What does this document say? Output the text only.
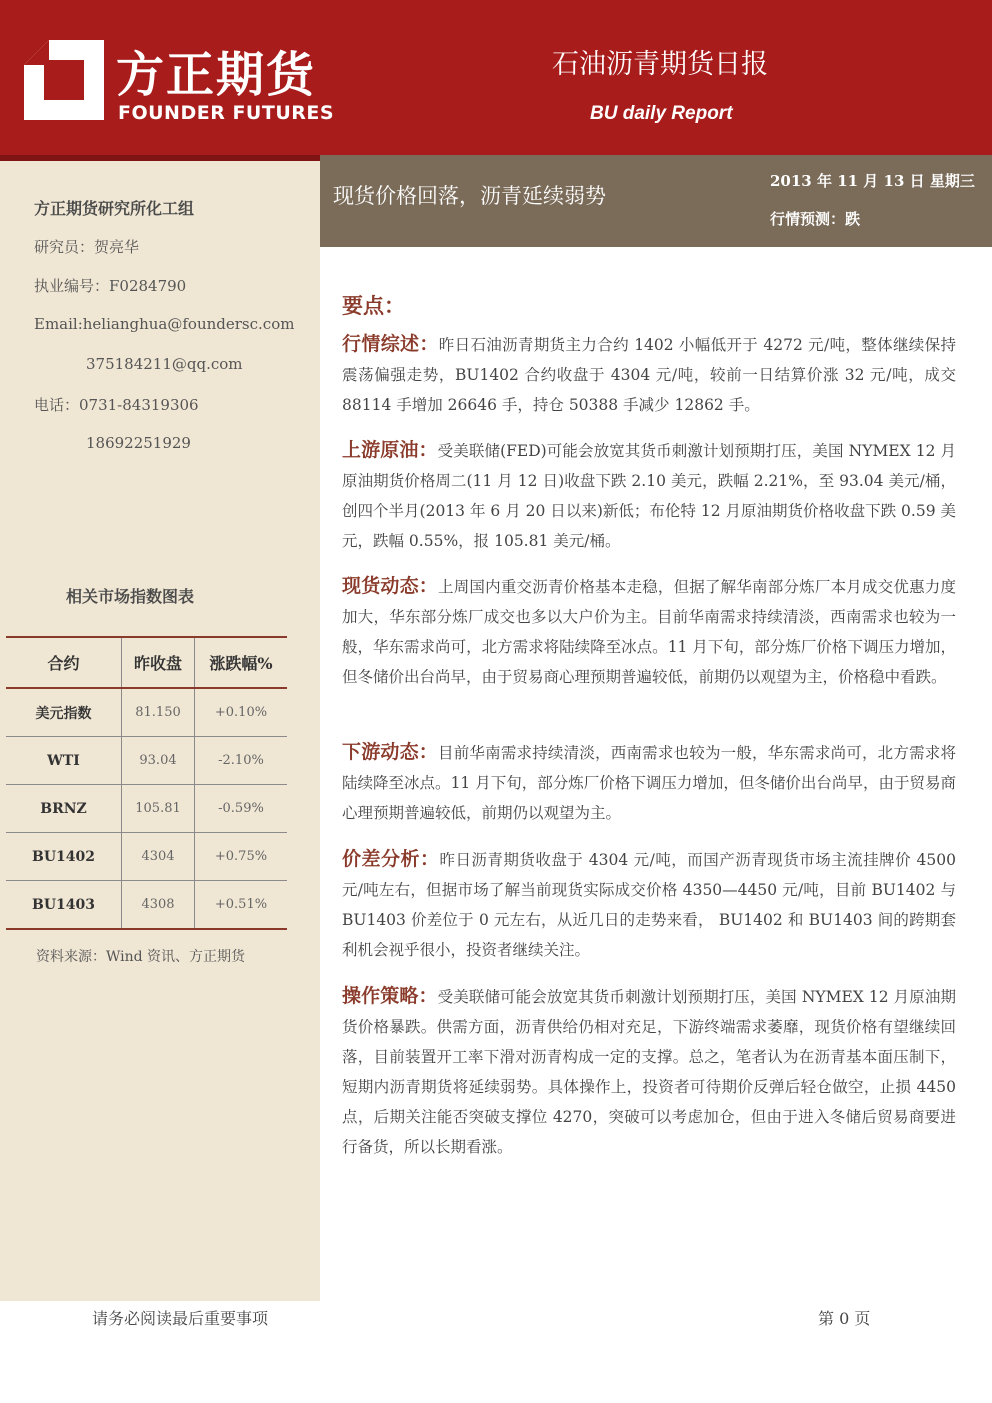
方正期货
FOUNDER FUTURES
石油沥青期货日报
BU daily Report
方正期货研究所化工组
研究员：贺亮华
执业编号：F0284790
Email:helianghua@foundersc.com
375184211@qq.com
电话：0731-84319306
18692251929
相关市场指数图表
合约	昨收盘	涨跌幅%
美元指数	81.150	+0.10%
WTI	93.04	-2.10%
BRNZ	105.81	-0.59%
BU1402	4304	+0.75%
BU1403	4308	+0.51%
资料来源：Wind 资讯、方正期货
现货价格回落，沥青延续弱势
2013 年 11 月 13 日 星期三
行情预测：跌
要点：
行情综述：昨日石油沥青期货主力合约 1402 小幅低开于 4272 元/吨，整体继续保持震荡偏强走势，BU1402 合约收盘于 4304 元/吨，较前一日结算价涨 32 元/吨，成交 88114 手增加 26646 手，持仓 50388 手减少 12862 手。
上游原油：受美联储(FED)可能会放宽其货币刺激计划预期打压，美国 NYMEX 12 月原油期货价格周二(11 月 12 日)收盘下跌 2.10 美元，跌幅 2.21%，至 93.04 美元/桶，创四个半月(2013 年 6 月 20 日以来)新低；布伦特 12 月原油期货价格收盘下跌 0.59 美元，跌幅 0.55%，报 105.81 美元/桶。
现货动态：上周国内重交沥青价格基本走稳，但据了解华南部分炼厂本月成交优惠力度加大，华东部分炼厂成交也多以大户价为主。目前华南需求持续清淡，西南需求也较为一般，华东需求尚可，北方需求将陆续降至冰点。11 月下旬，部分炼厂价格下调压力增加，但冬储价出台尚早，由于贸易商心理预期普遍较低，前期仍以观望为主，价格稳中看跌。
下游动态：目前华南需求持续清淡，西南需求也较为一般，华东需求尚可，北方需求将陆续降至冰点。11 月下旬，部分炼厂价格下调压力增加，但冬储价出台尚早，由于贸易商心理预期普遍较低，前期仍以观望为主。
价差分析：昨日沥青期货收盘于 4304 元/吨，而国产沥青现货市场主流挂牌价 4500 元/吨左右，但据市场了解当前现货实际成交价格 4350—4450 元/吨，目前 BU1402 与 BU1403 价差位于 0 元左右，从近几日的走势来看， BU1402 和 BU1403 间的跨期套利机会视乎很小，投资者继续关注。
操作策略：受美联储可能会放宽其货币刺激计划预期打压，美国 NYMEX 12 月原油期货价格暴跌。供需方面，沥青供给仍相对充足，下游终端需求萎靡，现货价格有望继续回落，目前装置开工率下滑对沥青构成一定的支撑。总之，笔者认为在沥青基本面压制下，短期内沥青期货将延续弱势。具体操作上，投资者可待期价反弹后轻仓做空，止损 4450 点，后期关注能否突破支撑位 4270，突破可以考虑加仓，但由于进入冬储后贸易商要进行备货，所以长期看涨。
请务必阅读最后重要事项	第 0 页
